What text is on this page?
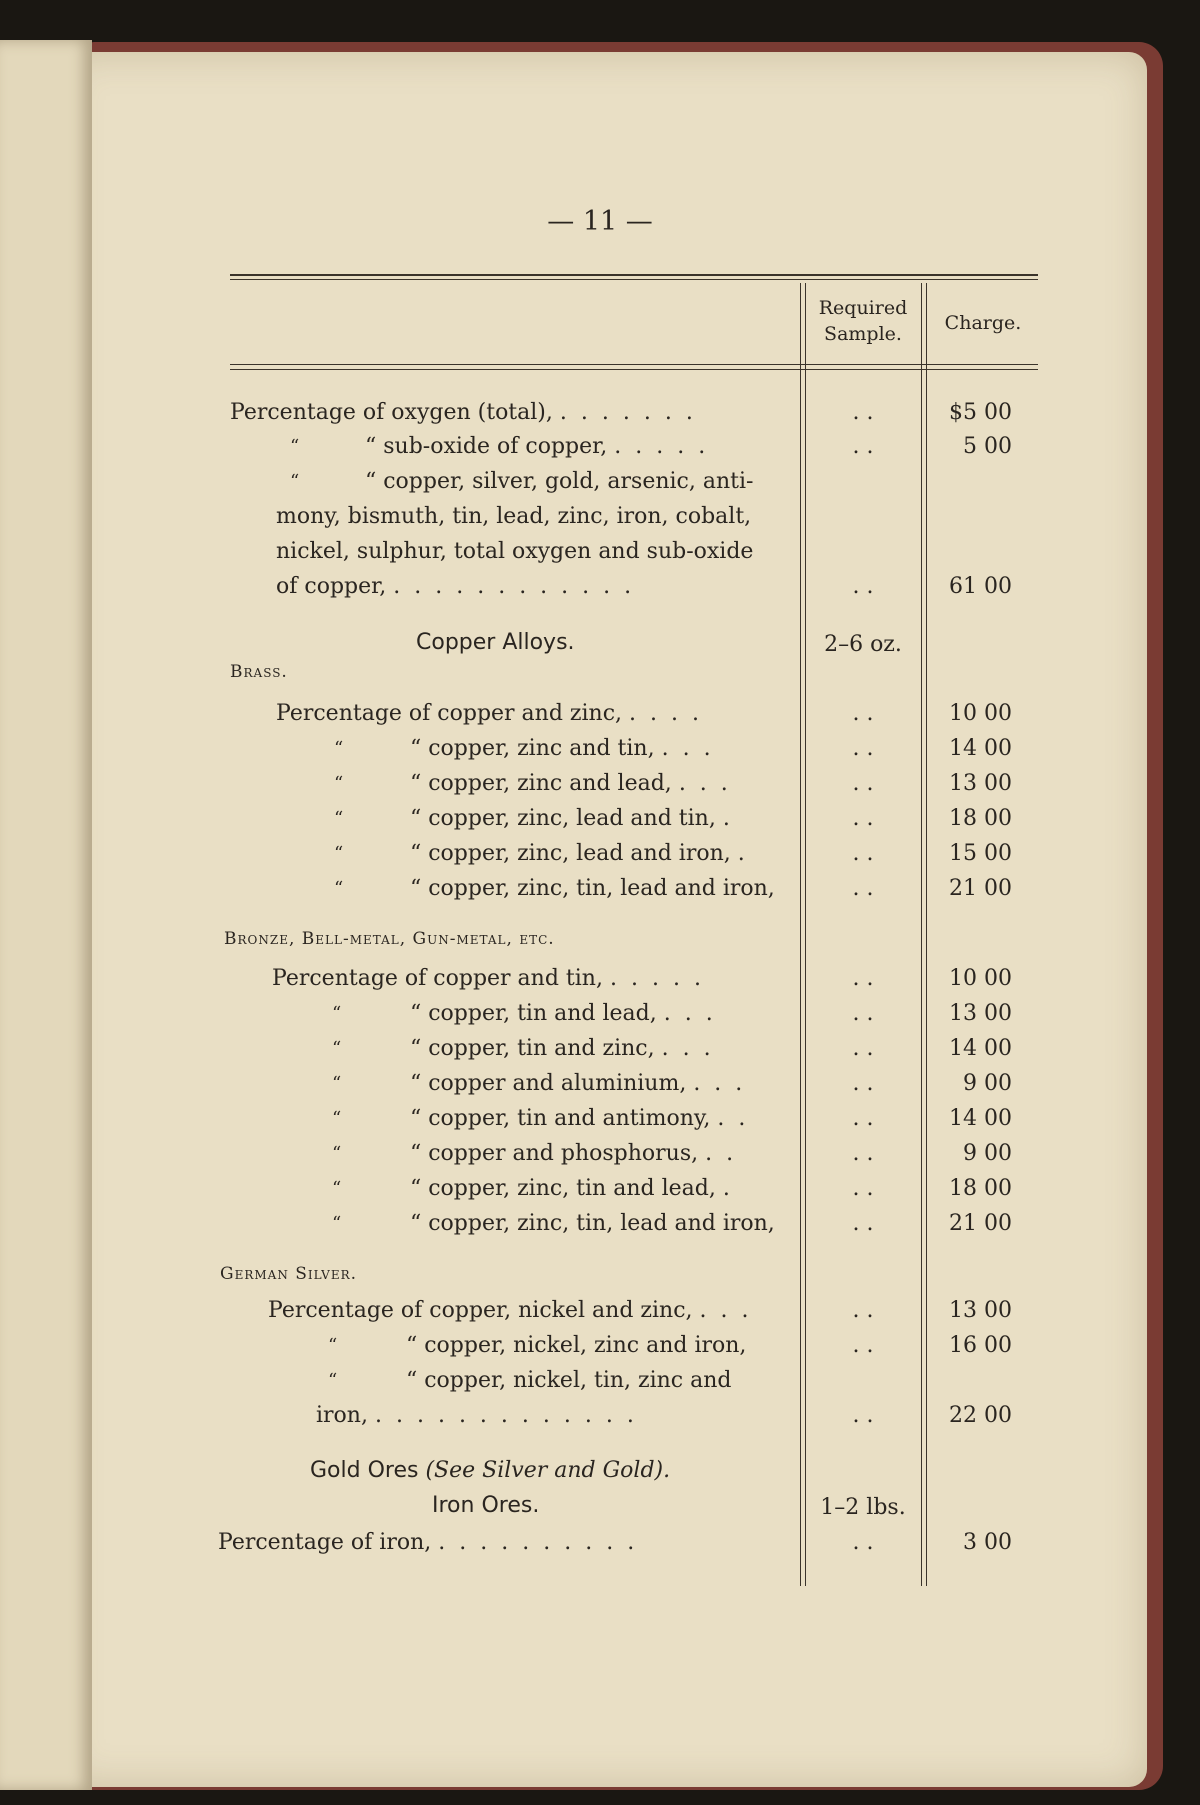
— 11 —
Required
Sample.	Charge.
Percentage of oxygen (total), .......	. .	$5 00
“	“ sub-oxide of copper, .....	. .	5 00
“	“ copper, silver, gold, arsenic, anti-
mony, bismuth, tin, lead, zinc, iron, cobalt,
nickel, sulphur, total oxygen and sub-oxide
of copper, ............	. .	61 00
Copper Alloys.	2–6 oz.
Brass.
Percentage of copper and zinc, ....	. .	10 00
“	“ copper, zinc and tin, ...	. .	14 00
“	“ copper, zinc and lead, ...	. .	13 00
“	“ copper, zinc, lead and tin, .	. .	18 00
“	“ copper, zinc, lead and iron, .	. .	15 00
“	“ copper, zinc, tin, lead and iron,	. .	21 00
Bronze, Bell-metal, Gun-metal, etc.
Percentage of copper and tin, .....	. .	10 00
“	“ copper, tin and lead, ...	. .	13 00
“	“ copper, tin and zinc, ...	. .	14 00
“	“ copper and aluminium, ...	. .	9 00
“	“ copper, tin and antimony, ..	. .	14 00
“	“ copper and phosphorus, ..	. .	9 00
“	“ copper, zinc, tin and lead, .	. .	18 00
“	“ copper, zinc, tin, lead and iron,	. .	21 00
German Silver.
Percentage of copper, nickel and zinc, ...	. .	13 00
“	“ copper, nickel, zinc and iron,	. .	16 00
“	“ copper, nickel, tin, zinc and
iron, .............	. .	22 00
Gold Ores (See Silver and Gold).
Iron Ores.	1–2 lbs.
Percentage of iron, ..........	. .	3 00
